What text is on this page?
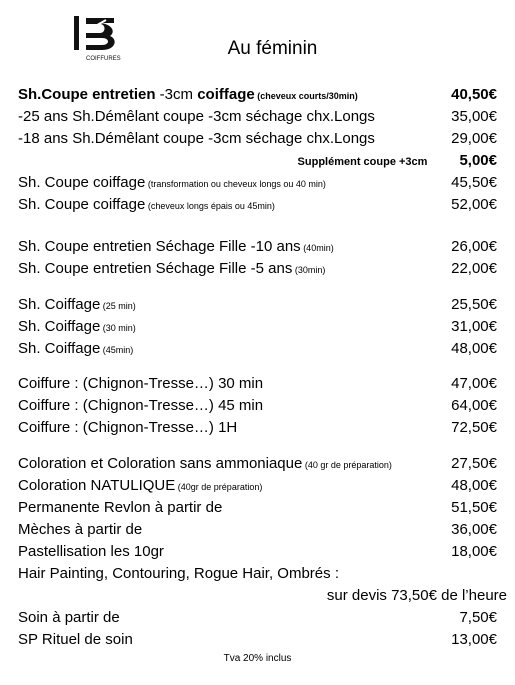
COIFFURES	Au féminin
Sh.Coupe entretien -3cm coiffage (cheveux courts/30min)	40,50€
-25 ans Sh.Démêlant coupe -3cm séchage chx.Longs	35,00€
-18 ans Sh.Démêlant coupe -3cm séchage chx.Longs	29,00€
Supplément coupe +3cm 5,00€
Sh. Coupe coiffage (transformation ou cheveux longs ou 40 min)	45,50€
Sh. Coupe coiffage (cheveux longs épais ou 45min)	52,00€
Sh. Coupe entretien Séchage Fille -10 ans (40min)	26,00€
Sh. Coupe entretien Séchage Fille -5 ans (30min)	22,00€
Sh. Coiffage (25 min)	25,50€
Sh. Coiffage (30 min)	31,00€
Sh. Coiffage (45min)	48,00€
Coiffure : (Chignon-Tresse…) 30 min	47,00€
Coiffure : (Chignon-Tresse…) 45 min	64,00€
Coiffure : (Chignon-Tresse…) 1H	72,50€
Coloration et Coloration sans ammoniaque (40 gr de préparation)	27,50€
Coloration NATULIQUE (40gr de préparation)	48,00€
Permanente Revlon à partir de	51,50€
Mèches à partir de	36,00€
Pastellisation les 10gr	18,00€
Hair Painting, Contouring, Rogue Hair, Ombrés :
sur devis 73,50€ de l’heure
Soin à partir de	7,50€
SP Rituel de soin	13,00€
Tva 20% inclus
